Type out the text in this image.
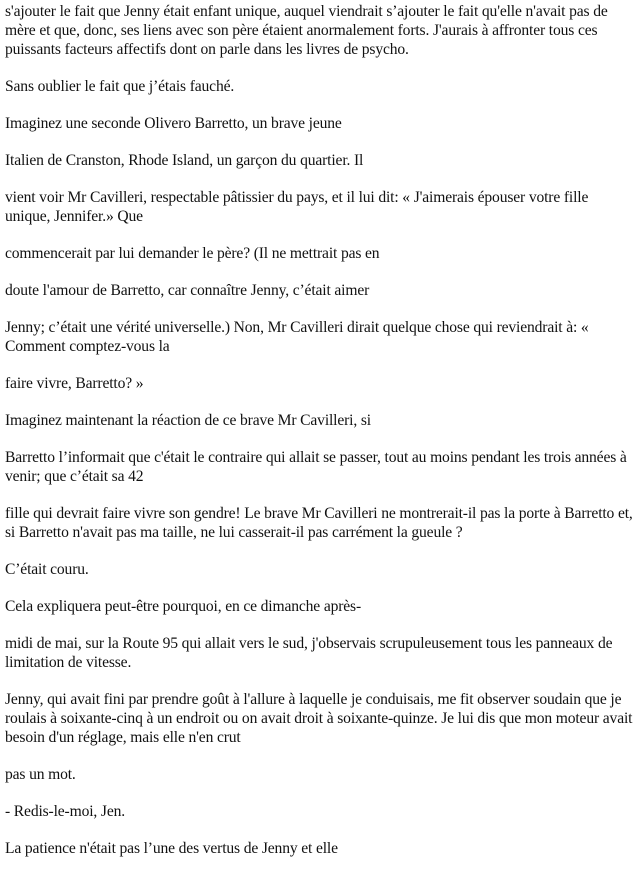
s'ajouter le fait que Jenny était enfant unique, auquel viendrait s’ajouter le fait qu'elle n'avait pas de mère et que, donc, ses liens avec son père étaient anormalement forts. J'aurais à affronter tous ces puissants facteurs affectifs dont on parle dans les livres de psycho.

Sans oublier le fait que j’étais fauché.

Imaginez une seconde Olivero Barretto, un brave jeune

Italien de Cranston, Rhode Island, un garçon du quartier. Il

vient voir Mr Cavilleri, respectable pâtissier du pays, et il lui dit: « J'aimerais épouser votre fille unique, Jennifer.» Que

commencerait par lui demander le père? (Il ne mettrait pas en

doute l'amour de Barretto, car connaître Jenny, c’était aimer

Jenny; c’était une vérité universelle.) Non, Mr Cavilleri dirait quelque chose qui reviendrait à: « Comment comptez-vous la

faire vivre, Barretto? »

Imaginez maintenant la réaction de ce brave Mr Cavilleri, si

Barretto l’informait que c'était le contraire qui allait se passer, tout au moins pendant les trois années à venir; que c’était sa 42

fille qui devrait faire vivre son gendre! Le brave Mr Cavilleri ne montrerait-il pas la porte à Barretto et, si Barretto n'avait pas ma taille, ne lui casserait-il pas carrément la gueule ?

C’était couru.

Cela expliquera peut-être pourquoi, en ce dimanche après-

midi de mai, sur la Route 95 qui allait vers le sud, j'observais scrupuleusement tous les panneaux de limitation de vitesse.

Jenny, qui avait fini par prendre goût à l'allure à laquelle je conduisais, me fit observer soudain que je roulais à soixante-cinq à un endroit ou on avait droit à soixante-quinze. Je lui dis que mon moteur avait besoin d'un réglage, mais elle n'en crut

pas un mot.

- Redis-le-moi, Jen.

La patience n'était pas l’une des vertus de Jenny et elle
